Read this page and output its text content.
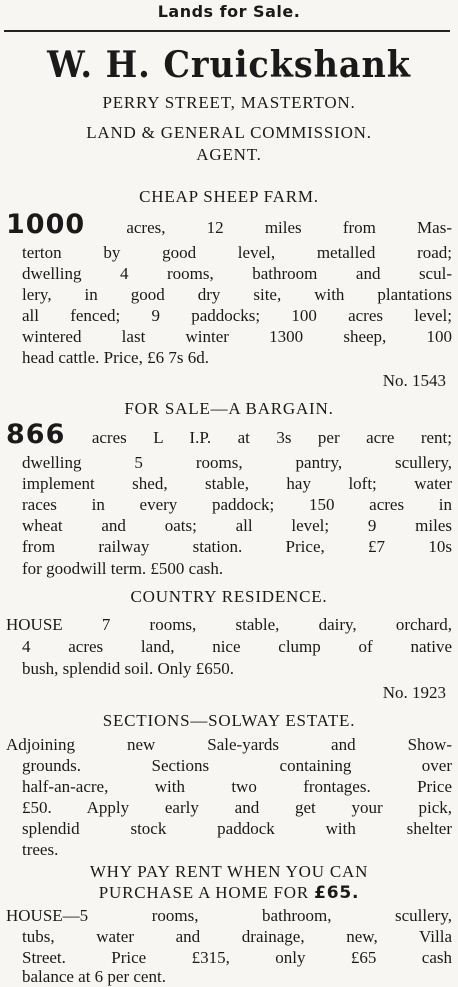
Lands for Sale.
W. H. Cruickshank
PERRY STREET, MASTERTON.
LAND & GENERAL COMMISSION.
AGENT.
CHEAP SHEEP FARM.
1000 acres, 12 miles from Mas-
terton by good level, metalled road;
dwelling 4 rooms, bathroom and scul-
lery, in good dry site, with plantations
all fenced; 9 paddocks; 100 acres level;
wintered last winter 1300 sheep, 100
head cattle. Price, £6 7s 6d.
No. 1543
FOR SALE—A BARGAIN.
866 acres L I.P. at 3s per acre rent;
dwelling 5 rooms, pantry, scullery,
implement shed, stable, hay loft; water
races in every paddock; 150 acres in
wheat and oats; all level; 9 miles
from railway station. Price, £7 10s
for goodwill term. £500 cash.
COUNTRY RESIDENCE.
HOUSE 7 rooms, stable, dairy, orchard,
4 acres land, nice clump of native
bush, splendid soil. Only £650.
No. 1923
SECTIONS—SOLWAY ESTATE.
Adjoining new Sale-yards and Show-
grounds. Sections containing over
half-an-acre, with two frontages. Price
£50. Apply early and get your pick,
splendid stock paddock with shelter
trees.
WHY PAY RENT WHEN YOU CAN
PURCHASE A HOME FOR £65.
HOUSE—5 rooms, bathroom, scullery,
tubs, water and drainage, new, Villa
Street. Price £315, only £65 cash
balance at 6 per cent.
